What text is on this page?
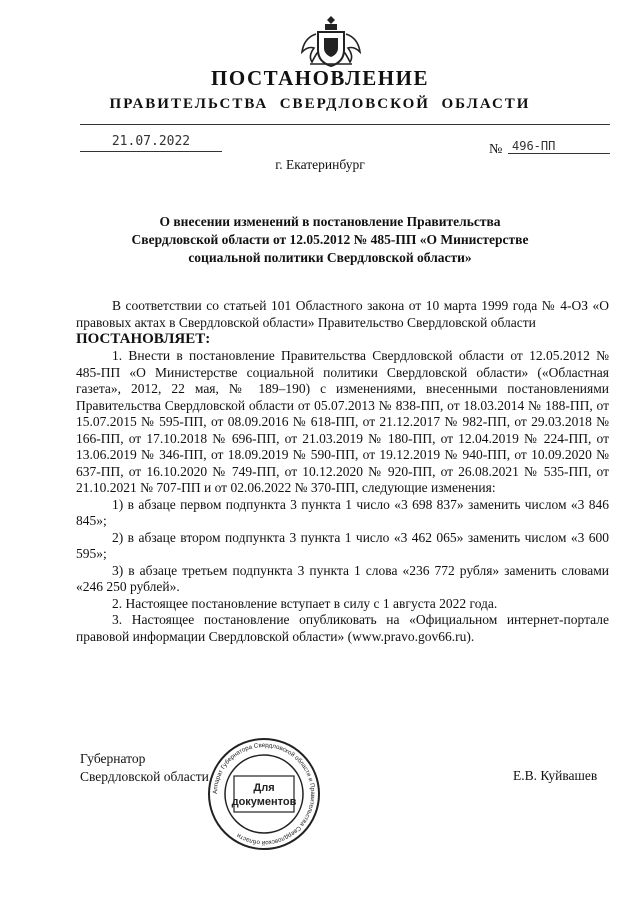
ПОСТАНОВЛЕНИЕ
ПРАВИТЕЛЬСТВА  СВЕРДЛОВСКОЙ  ОБЛАСТИ
21.07.2022
№ 496-ПП
г. Екатеринбург
О внесении изменений в постановление Правительства
Свердловской области от 12.05.2012 № 485-ПП «О Министерстве
социальной политики Свердловской области»

В соответствии со статьей 101 Областного закона от 10 марта 1999 года № 4-ОЗ «О правовых актах в Свердловской области» Правительство Свердловской области

ПОСТАНОВЛЯЕТ:

1. Внести в постановление Правительства Свердловской области от 12.05.2012 № 485-ПП «О Министерстве социальной политики Свердловской области» («Областная газета», 2012, 22 мая, № 189–190) с изменениями, внесенными постановлениями Правительства Свердловской области от 05.07.2013 № 838-ПП, от 18.03.2014 № 188-ПП, от 15.07.2015 № 595-ПП, от 08.09.2016 № 618-ПП, от 21.12.2017 № 982-ПП, от 29.03.2018 № 166-ПП, от 17.10.2018 № 696-ПП, от 21.03.2019 № 180-ПП, от 12.04.2019 № 224-ПП, от 13.06.2019 № 346-ПП, от 18.09.2019 № 590-ПП, от 19.12.2019 № 940-ПП, от 10.09.2020 № 637-ПП, от 16.10.2020 № 749-ПП, от 10.12.2020 № 920-ПП, от 26.08.2021 № 535-ПП, от 21.10.2021 № 707-ПП и от 02.06.2022 № 370-ПП, следующие изменения:

1) в абзаце первом подпункта 3 пункта 1 число «3 698 837» заменить числом «3 846 845»;

2) в абзаце втором подпункта 3 пункта 1 число «3 462 065» заменить числом «3 600 595»;

3) в абзаце третьем подпункта 3 пункта 1 слова «236 772 рубля» заменить словами «246 250 рублей».

2. Настоящее постановление вступает в силу с 1 августа 2022 года.

3. Настоящее постановление опубликовать на «Официальном интернет-портале правовой информации Свердловской области» (www.pravo.gov66.ru).

Губернатор
Свердловской области	Е.В. Куйвашев
Аппарат Губернатора Свердловской области и Правительства Свердловской области
Для
документов
